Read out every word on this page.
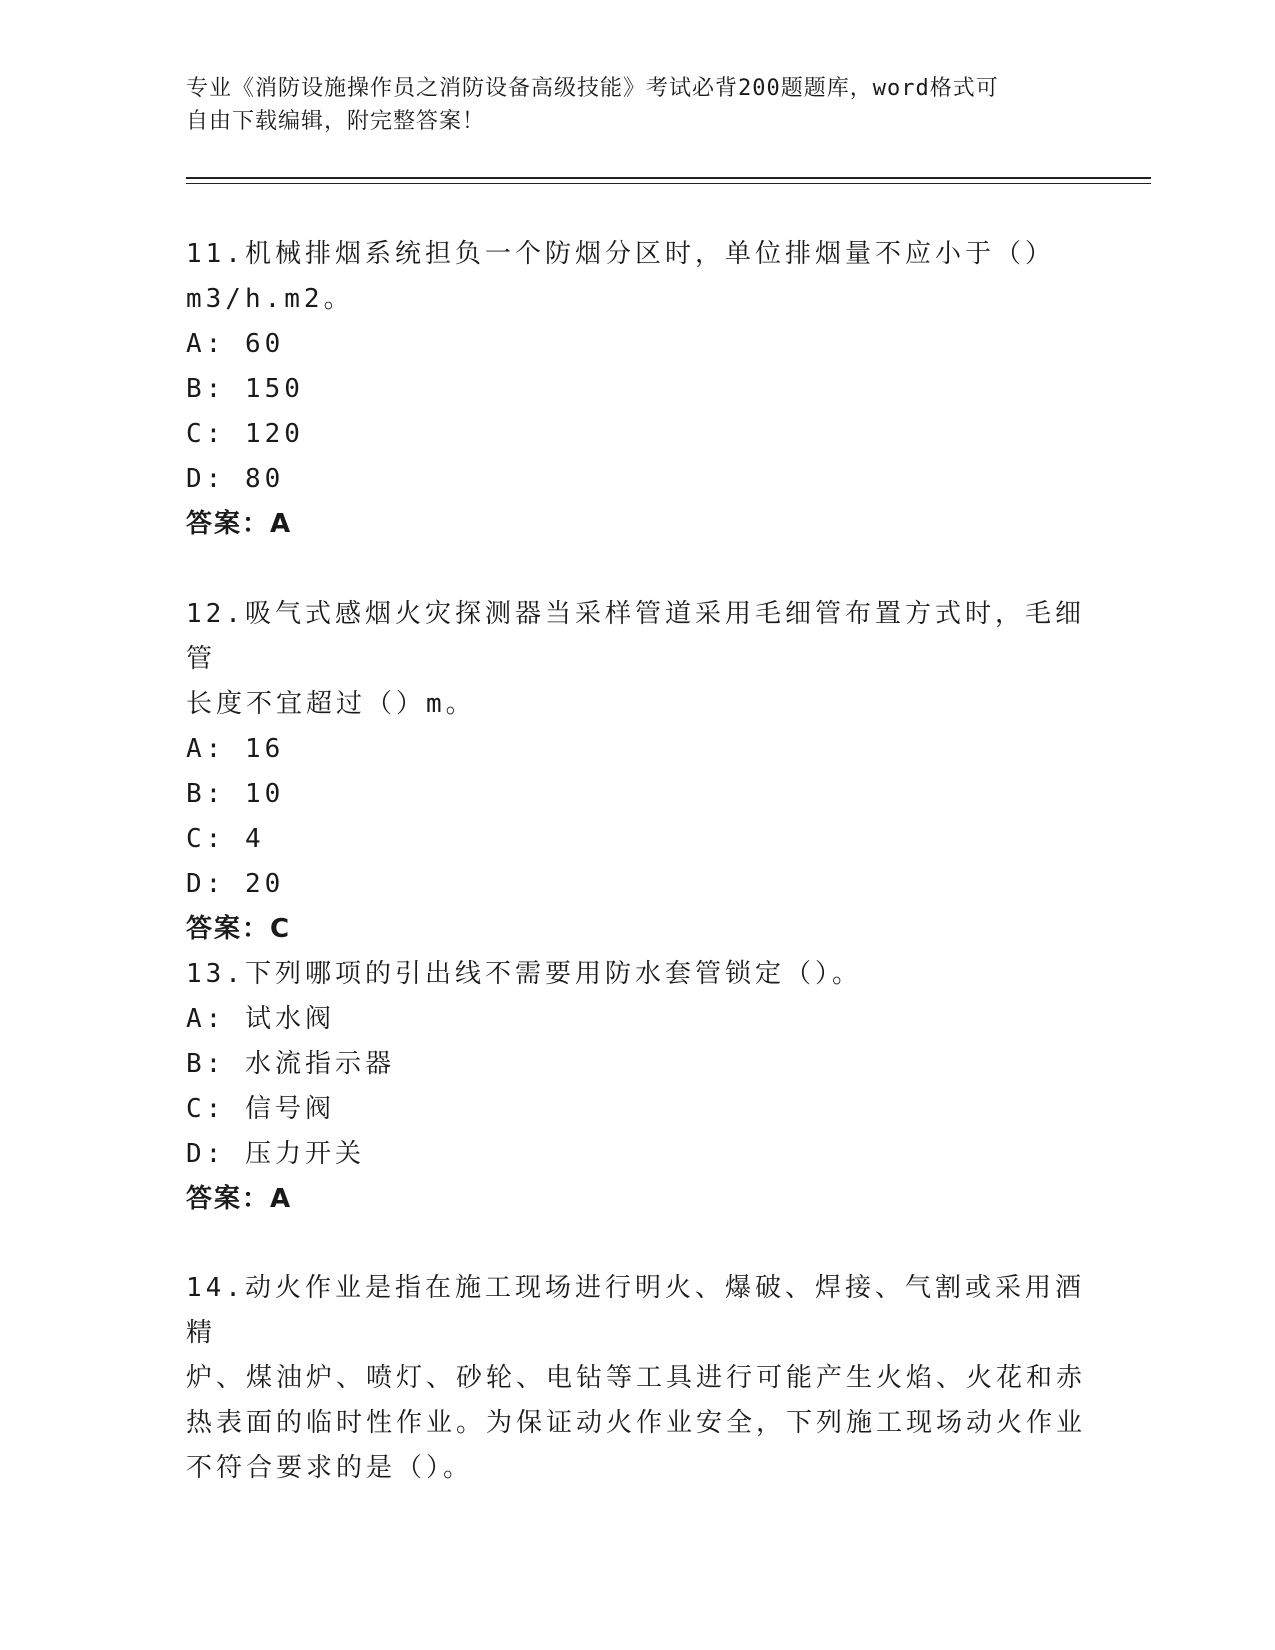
专业《消防设施操作员之消防设备高级技能》考试必背200题题库，word格式可
自由下载编辑，附完整答案！

11.机械排烟系统担负一个防烟分区时，单位排烟量不应小于（）

m3/h.m2。

A: 60

B: 150

C: 120

D: 80

答案：A

12.吸气式感烟火灾探测器当采样管道采用毛细管布置方式时，毛细管

长度不宜超过（）m。

A: 16

B: 10

C: 4

D: 20

答案：C

13.下列哪项的引出线不需要用防水套管锁定（）。

A: 试水阀

B: 水流指示器

C: 信号阀

D: 压力开关

答案：A

14.动火作业是指在施工现场进行明火、爆破、焊接、气割或采用酒精

炉、煤油炉、喷灯、砂轮、电钻等工具进行可能产生火焰、火花和赤

热表面的临时性作业。为保证动火作业安全，下列施工现场动火作业

不符合要求的是（）。
